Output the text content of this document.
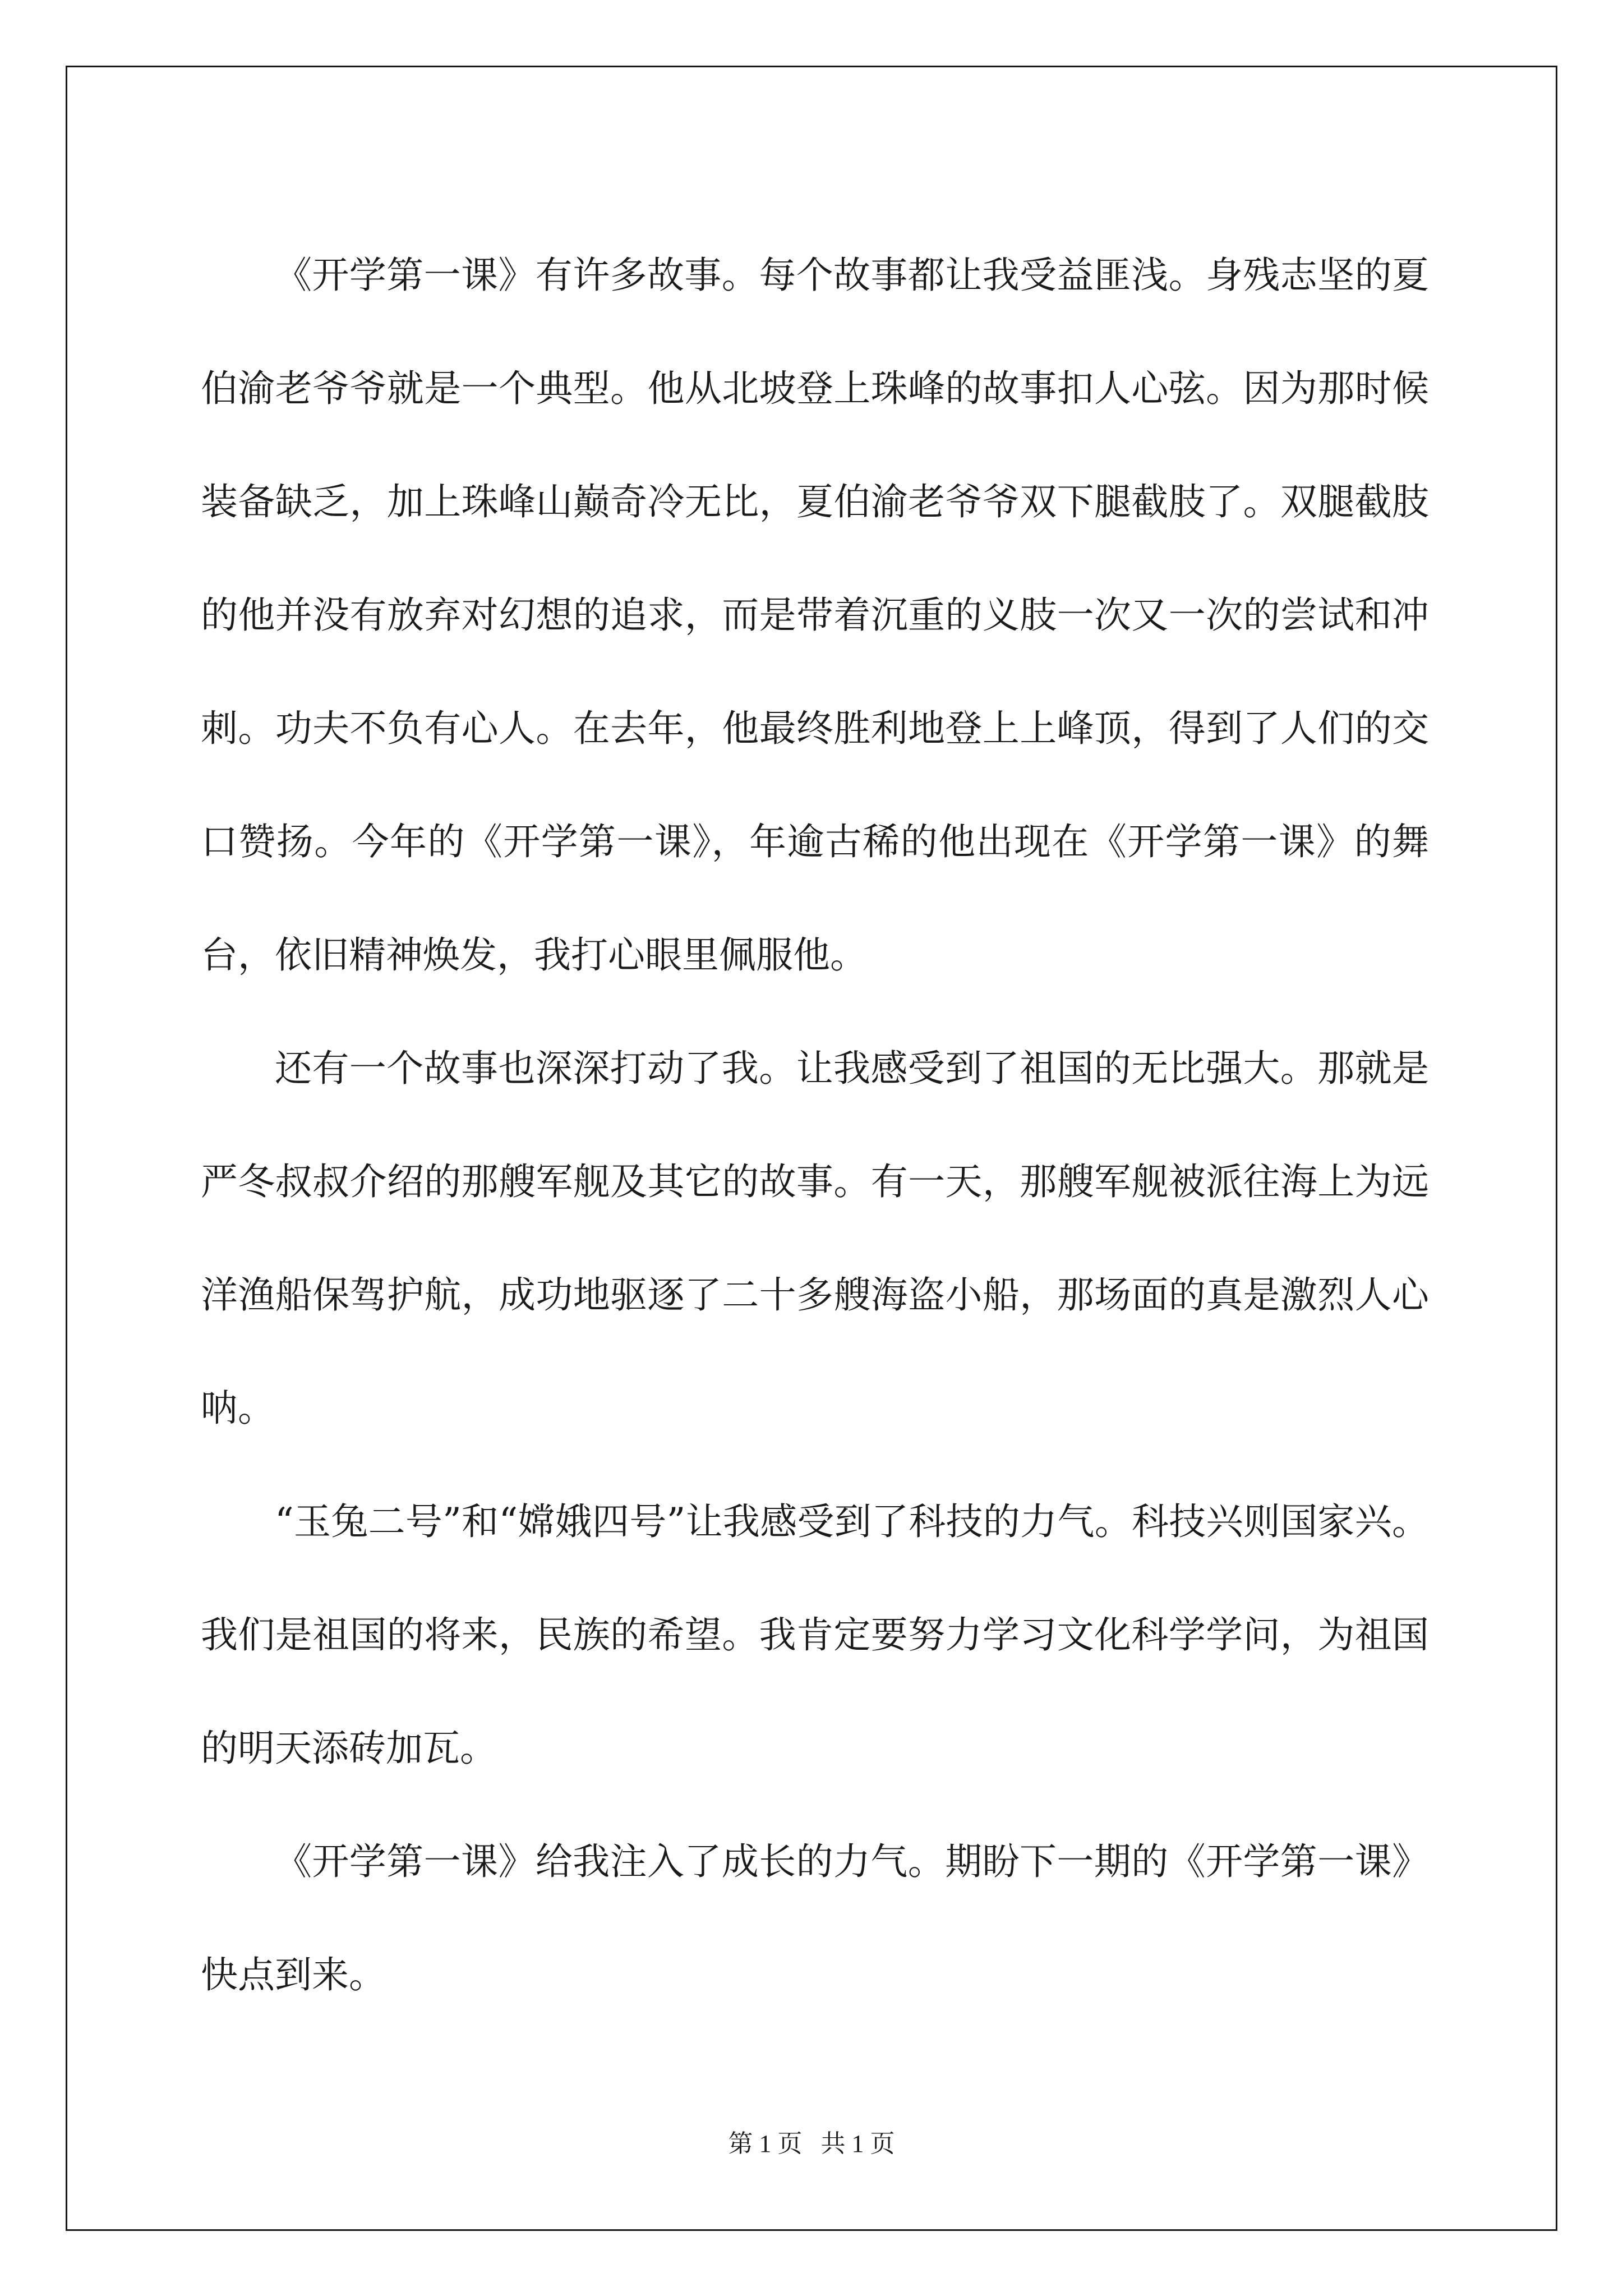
《开学第一课》有许多故事。每个故事都让我受益匪浅。身残志坚的夏伯渝老爷爷就是一个典型。他从北坡登上珠峰的故事扣人心弦。因为那时候装备缺乏，加上珠峰山巅奇冷无比，夏伯渝老爷爷双下腿截肢了。双腿截肢的他并没有放弃对幻想的追求，而是带着沉重的义肢一次又一次的尝试和冲刺。功夫不负有心人。在去年，他最终胜利地登上上峰顶，得到了人们的交口赞扬。今年的《开学第一课》，年逾古稀的他出现在《开学第一课》的舞台，依旧精神焕发，我打心眼里佩服他。

还有一个故事也深深打动了我。让我感受到了祖国的无比强大。那就是严冬叔叔介绍的那艘军舰及其它的故事。有一天，那艘军舰被派往海上为远洋渔船保驾护航，成功地驱逐了二十多艘海盗小船，那场面的真是激烈人心呐。

“玉兔二号”和“嫦娥四号”让我感受到了科技的力气。科技兴则国家兴。我们是祖国的将来，民族的希望。我肯定要努力学习文化科学学问，为祖国的明天添砖加瓦。

《开学第一课》给我注入了成长的力气。期盼下一期的《开学第一课》快点到来。

第 1 页   共 1 页
